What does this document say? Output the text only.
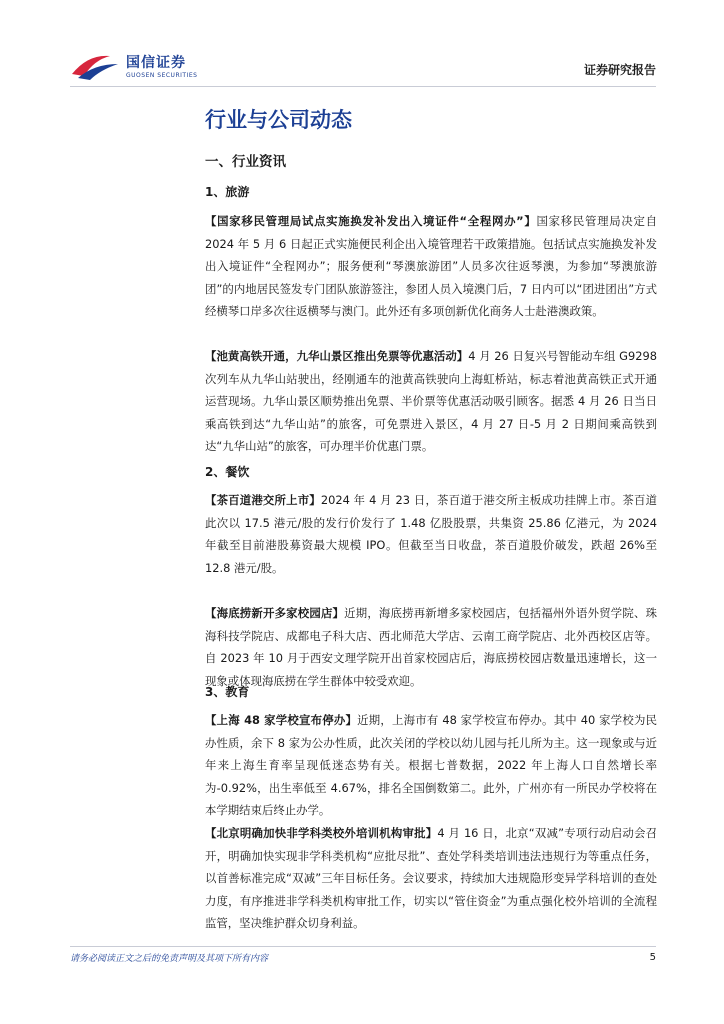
国信证券
GUOSEN SECURITIES	证券研究报告
行业与公司动态
一、行业资讯
1、旅游

【国家移民管理局试点实施换发补发出入境证件“全程网办”】国家移民管理局决定自 2024 年 5 月 6 日起正式实施便民利企出入境管理若干政策措施。包括试点实施换发补发出入境证件“全程网办”；服务便利“琴澳旅游团”人员多次往返琴澳，为参加“琴澳旅游团”的内地居民签发专门团队旅游签注，参团人员入境澳门后，7 日内可以“团进团出”方式经横琴口岸多次往返横琴与澳门。此外还有多项创新优化商务人士赴港澳政策。

【池黄高铁开通，九华山景区推出免票等优惠活动】4 月 26 日复兴号智能动车组 G9298 次列车从九华山站驶出，经刚通车的池黄高铁驶向上海虹桥站，标志着池黄高铁正式开通运营现场。九华山景区顺势推出免票、半价票等优惠活动吸引顾客。据悉 4 月 26 日当日乘高铁到达“九华山站”的旅客，可免票进入景区，4 月 27 日-5 月 2 日期间乘高铁到达“九华山站”的旅客，可办理半价优惠门票。

2、餐饮

【茶百道港交所上市】2024 年 4 月 23 日，茶百道于港交所主板成功挂牌上市。茶百道此次以 17.5 港元/股的发行价发行了 1.48 亿股股票，共集资 25.86 亿港元，为 2024 年截至目前港股募资最大规模 IPO。但截至当日收盘，茶百道股价破发，跌超 26%至 12.8 港元/股。

【海底捞新开多家校园店】近期，海底捞再新增多家校园店，包括福州外语外贸学院、珠海科技学院店、成都电子科大店、西北师范大学店、云南工商学院店、北外西校区店等。自 2023 年 10 月于西安文理学院开出首家校园店后，海底捞校园店数量迅速增长，这一现象或体现海底捞在学生群体中较受欢迎。

3、教育

【上海 48 家学校宣布停办】近期，上海市有 48 家学校宣布停办。其中 40 家学校为民办性质，余下 8 家为公办性质，此次关闭的学校以幼儿园与托儿所为主。这一现象或与近年来上海生育率呈现低迷态势有关。根据七普数据，2022 年上海人口自然增长率为-0.92%，出生率低至 4.67%，排名全国倒数第二。此外，广州亦有一所民办学校将在本学期结束后终止办学。

【北京明确加快非学科类校外培训机构审批】4 月 16 日，北京“双减”专项行动启动会召开，明确加快实现非学科类机构“应批尽批”、查处学科类培训违法违规行为等重点任务，以首善标准完成“双减”三年目标任务。会议要求，持续加大违规隐形变异学科培训的查处力度，有序推进非学科类机构审批工作，切实以“管住资金”为重点强化校外培训的全流程监管，坚决维护群众切身利益。

请务必阅读正文之后的免责声明及其项下所有内容	5
